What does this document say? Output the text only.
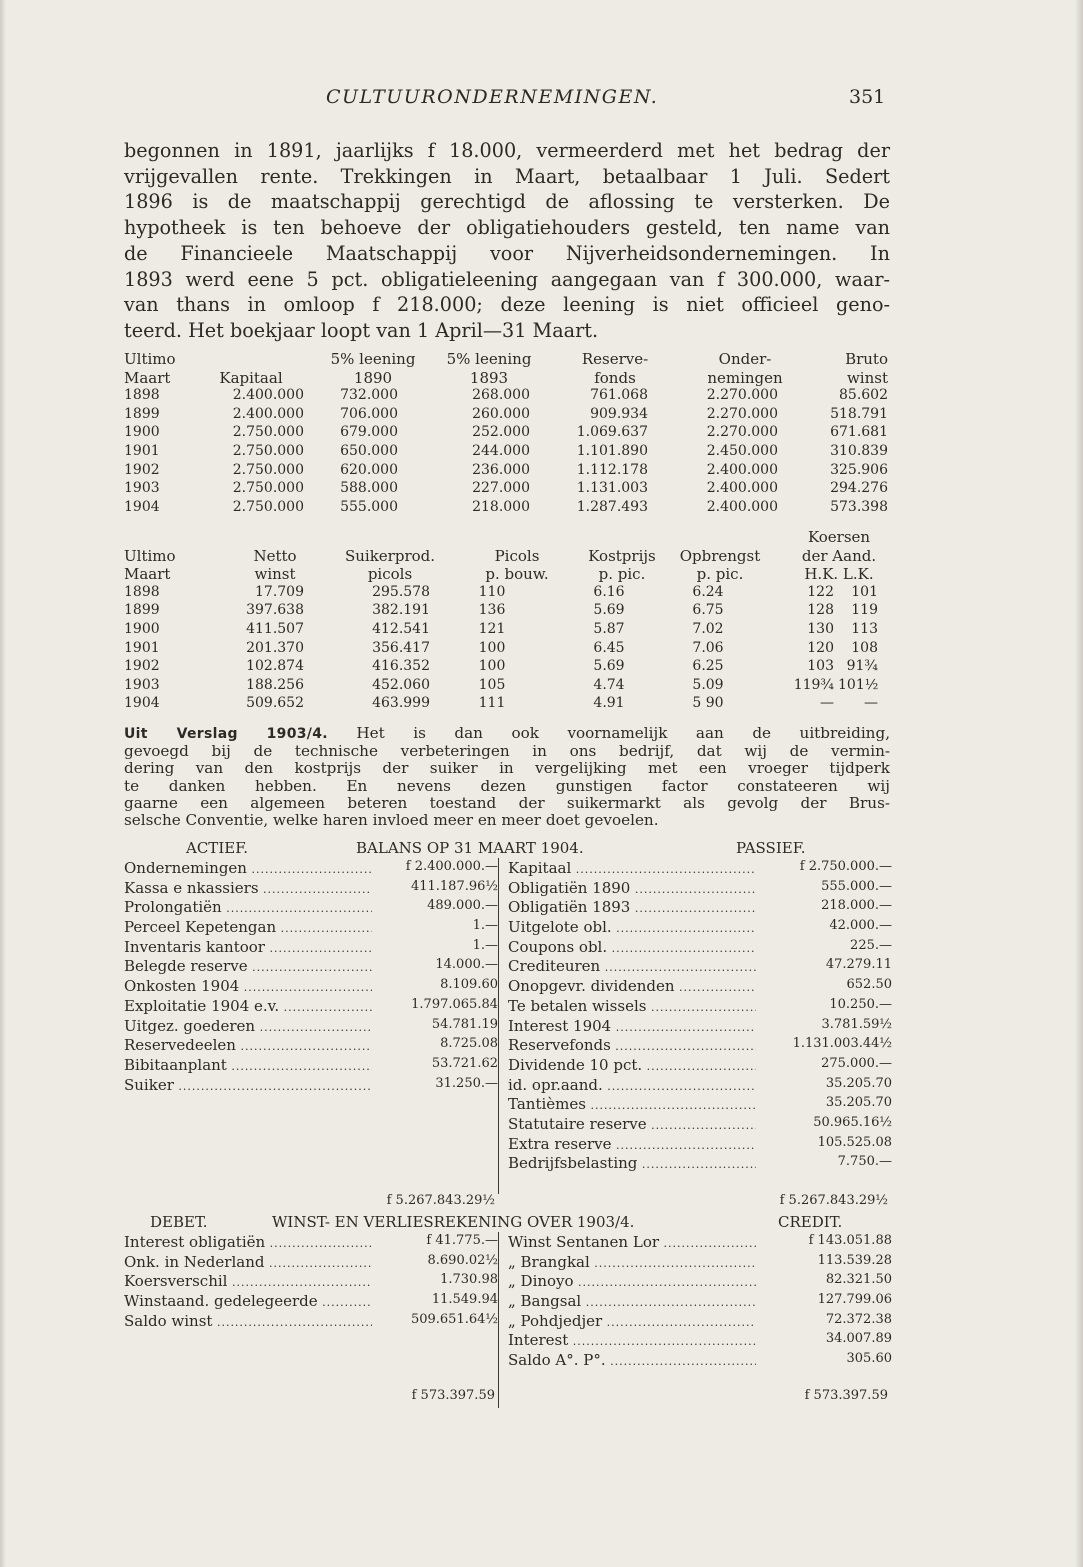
CULTUURONDERNEMINGEN.	351

begonnen in 1891, jaarlijks f 18.000, vermeerderd met het bedrag der
vrijgevallen rente. Trekkingen in Maart, betaalbaar 1 Juli. Sedert
1896 is de maatschappij gerechtigd de aflossing te versterken. De
hypotheek is ten behoeve der obligatiehouders gesteld, ten name van
de Financieele Maatschappij voor Nijverheidsondernemingen. In
1893 werd eene 5 pct. obligatieleening aangegaan van f 300.000, waar-
van thans in omloop f 218.000; deze leening is niet officieel geno-
teerd. Het boekjaar loopt van 1 April—31 Maart.

Ultimo	5% leening	5% leening	Reserve-	Onder-	Bruto
Maart	Kapitaal	1890	1893	fonds	nemingen	winst
1898	2.400.000	732.000	268.000	761.068	2.270.000	85.602
1899	2.400.000	706.000	260.000	909.934	2.270.000	518.791
1900	2.750.000	679.000	252.000	1.069.637	2.270.000	671.681
1901	2.750.000	650.000	244.000	1.101.890	2.450.000	310.839
1902	2.750.000	620.000	236.000	1.112.178	2.400.000	325.906
1903	2.750.000	588.000	227.000	1.131.003	2.400.000	294.276
1904	2.750.000	555.000	218.000	1.287.493	2.400.000	573.398
Koersen
Ultimo	Netto	Suikerprod.	Picols	Kostprijs	Opbrengst	der Aand.
Maart	winst	picols	p. bouw.	p. pic.	p. pic.	H.K. L.K.
1898	17.709	295.578	110	6.16	6.24	122	101
1899	397.638	382.191	136	5.69	6.75	128	119
1900	411.507	412.541	121	5.87	7.02	130	113
1901	201.370	356.417	100	6.45	7.06	120	108
1902	102.874	416.352	100	5.69	6.25	103 91¾
1903	188.256	452.060	105	4.74	5.09	119¾ 101½
1904	509.652	463.999	111	4.91	5 90	—	—

Uit Verslag 1903/4. Het is dan ook voornamelijk aan de uitbreiding,
gevoegd bij de technische verbeteringen in ons bedrijf, dat wij de vermin-
dering van den kostprijs der suiker in vergelijking met een vroeger tijdperk
te danken hebben. En nevens dezen gunstigen factor constateeren wij
gaarne een algemeen beteren toestand der suikermarkt als gevolg der Brus-
selsche Conventie, welke haren invloed meer en meer doet gevoelen.

ACTIEF.	BALANS OP 31 MAART 1904.	PASSIEF.
Ondernemingen .....	f 2.400.000.—
Kassa e nkassiers .....	411.187.96½
Prolongatiën .....	489.000.—
Perceel Kepetengan .....	1.—
Inventaris kantoor .....	1.—
Belegde reserve .....	14.000.—
Onkosten 1904 .....	8.109.60
Exploitatie 1904 e.v. .....	1.797.065.84
Uitgez. goederen .....	54.781.19
Reservedeelen .....	8.725.08
Bibitaanplant .....	53.721.62
Suiker .....	31.250.—
Kapitaal .....	f 2.750.000.—
Obligatiën 1890 .....	555.000.—
Obligatiën 1893 .....	218.000.—
Uitgelote obl. .....	42.000.—
Coupons obl. .....	225.—
Crediteuren .....	47.279.11
Onopgevr. dividenden .....	652.50
Te betalen wissels .....	10.250.—
Interest 1904 .....	3.781.59½
Reservefonds .....	1.131.003.44½
Dividende 10 pct. .....	275.000.—
id. opr.aand. .....	35.205.70
Tantièmes .....	35.205.70
Statutaire reserve .....	50.965.16½
Extra reserve .....	105.525.08
Bedrijfsbelasting .....	7.750.—
f 5.267.843.29½	f 5.267.843.29½
DEBET.	WINST- EN VERLIESREKENING OVER 1903/4.	CREDIT.
Interest obligatiën .....	f 41.775.—
Onk. in Nederland .....	8.690.02½
Koersverschil .....	1.730.98
Winstaand. gedelegeerde .....	11.549.94
Saldo winst .....	509.651.64½
Winst Sentanen Lor .....	f 143.051.88
„ Brangkal .....	113.539.28
„ Dinoyo .....	82.321.50
„ Bangsal .....	127.799.06
„ Pohdjedjer .....	72.372.38
Interest .....	34.007.89
Saldo A°. P°. .....	305.60
f 573.397.59	f 573.397.59
